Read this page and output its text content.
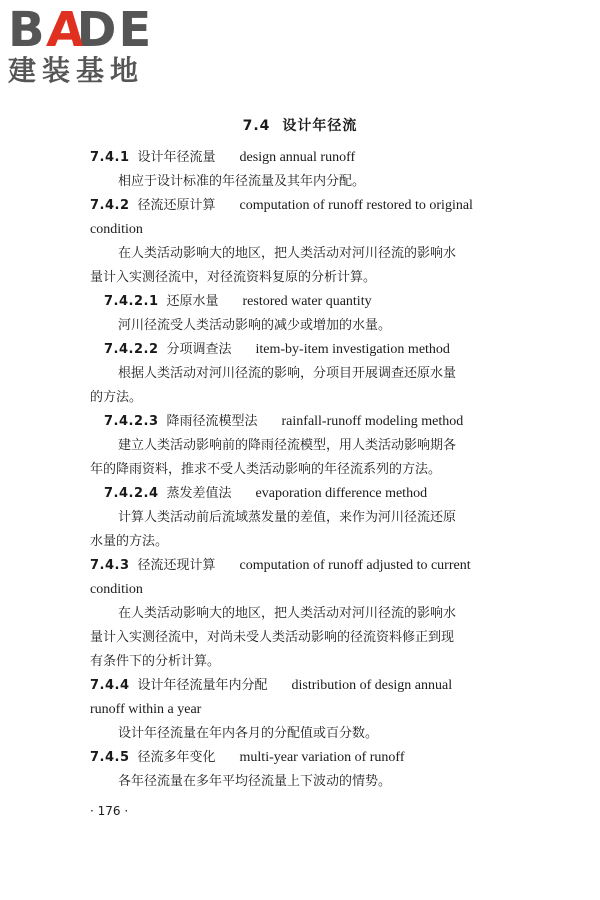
B
A
DE
建装基地
7.4 设计年径流
7.4.1 设计年径流量 design annual runoff
相应于设计标准的年径流量及其年内分配。
7.4.2 径流还原计算 computation of runoff restored to original
condition
在人类活动影响大的地区，把人类活动对河川径流的影响水
量计入实测径流中，对径流资料复原的分析计算。
7.4.2.1 还原水量 restored water quantity
河川径流受人类活动影响的减少或增加的水量。
7.4.2.2 分项调查法 item-by-item investigation method
根据人类活动对河川径流的影响，分项目开展调查还原水量
的方法。
7.4.2.3 降雨径流模型法 rainfall-runoff modeling method
建立人类活动影响前的降雨径流模型，用人类活动影响期各
年的降雨资料，推求不受人类活动影响的年径流系列的方法。
7.4.2.4 蒸发差值法 evaporation difference method
计算人类活动前后流域蒸发量的差值，来作为河川径流还原
水量的方法。
7.4.3 径流还现计算 computation of runoff adjusted to current
condition
在人类活动影响大的地区，把人类活动对河川径流的影响水
量计入实测径流中，对尚未受人类活动影响的径流资料修正到现
有条件下的分析计算。
7.4.4 设计年径流量年内分配 distribution of design annual
runoff within a year
设计年径流量在年内各月的分配值或百分数。
7.4.5 径流多年变化 multi-year variation of runoff
各年径流量在多年平均径流量上下波动的情势。
· 176 ·
